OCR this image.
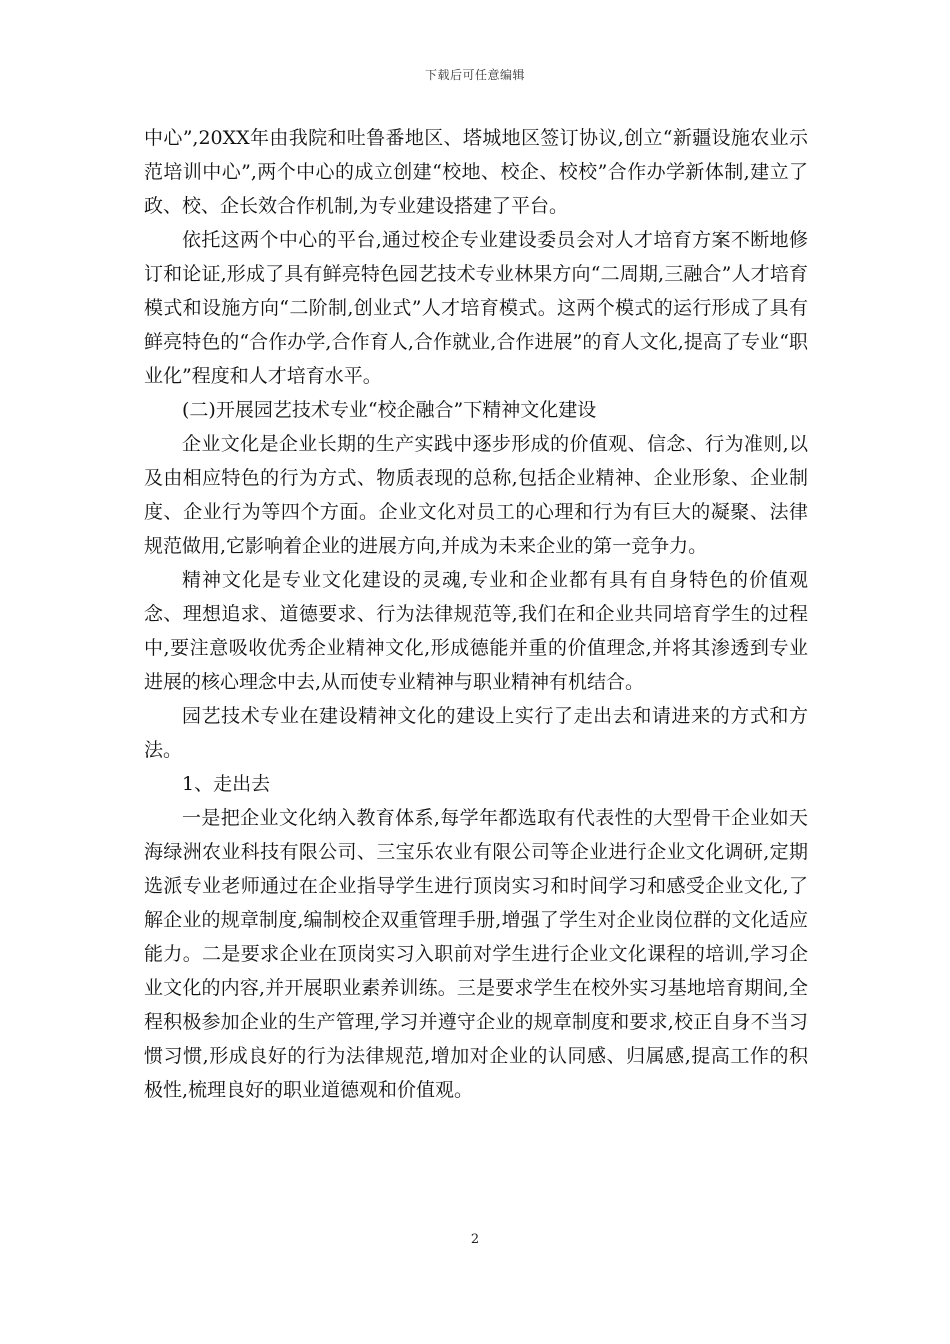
下载后可任意编辑

中心”,20XX年由我院和吐鲁番地区、塔城地区签订协议,创立“新疆设施农业示范培训中心”,两个中心的成立创建“校地、校企、校校”合作办学新体制,建立了政、校、企长效合作机制,为专业建设搭建了平台。

依托这两个中心的平台,通过校企专业建设委员会对人才培育方案不断地修订和论证,形成了具有鲜亮特色园艺技术专业林果方向“二周期,三融合”人才培育模式和设施方向“二阶制,创业式”人才培育模式。这两个模式的运行形成了具有鲜亮特色的“合作办学,合作育人,合作就业,合作进展”的育人文化,提高了专业“职业化”程度和人才培育水平。

(二)开展园艺技术专业“校企融合”下精神文化建设

企业文化是企业长期的生产实践中逐步形成的价值观、信念、行为准则,以及由相应特色的行为方式、物质表现的总称,包括企业精神、企业形象、企业制度、企业行为等四个方面。企业文化对员工的心理和行为有巨大的凝聚、法律规范做用,它影响着企业的进展方向,并成为未来企业的第一竞争力。

精神文化是专业文化建设的灵魂,专业和企业都有具有自身特色的价值观念、理想追求、道德要求、行为法律规范等,我们在和企业共同培育学生的过程中,要注意吸收优秀企业精神文化,形成德能并重的价值理念,并将其渗透到专业进展的核心理念中去,从而使专业精神与职业精神有机结合。

园艺技术专业在建设精神文化的建设上实行了走出去和请进来的方式和方法。

1、走出去

一是把企业文化纳入教育体系,每学年都选取有代表性的大型骨干企业如天海绿洲农业科技有限公司、三宝乐农业有限公司等企业进行企业文化调研,定期选派专业老师通过在企业指导学生进行顶岗实习和时间学习和感受企业文化,了解企业的规章制度,编制校企双重管理手册,增强了学生对企业岗位群的文化适应能力。二是要求企业在顶岗实习入职前对学生进行企业文化课程的培训,学习企业文化的内容,并开展职业素养训练。三是要求学生在校外实习基地培育期间,全程积极参加企业的生产管理,学习并遵守企业的规章制度和要求,校正自身不当习惯习惯,形成良好的行为法律规范,增加对企业的认同感、归属感,提高工作的积极性,梳理良好的职业道德观和价值观。

2
